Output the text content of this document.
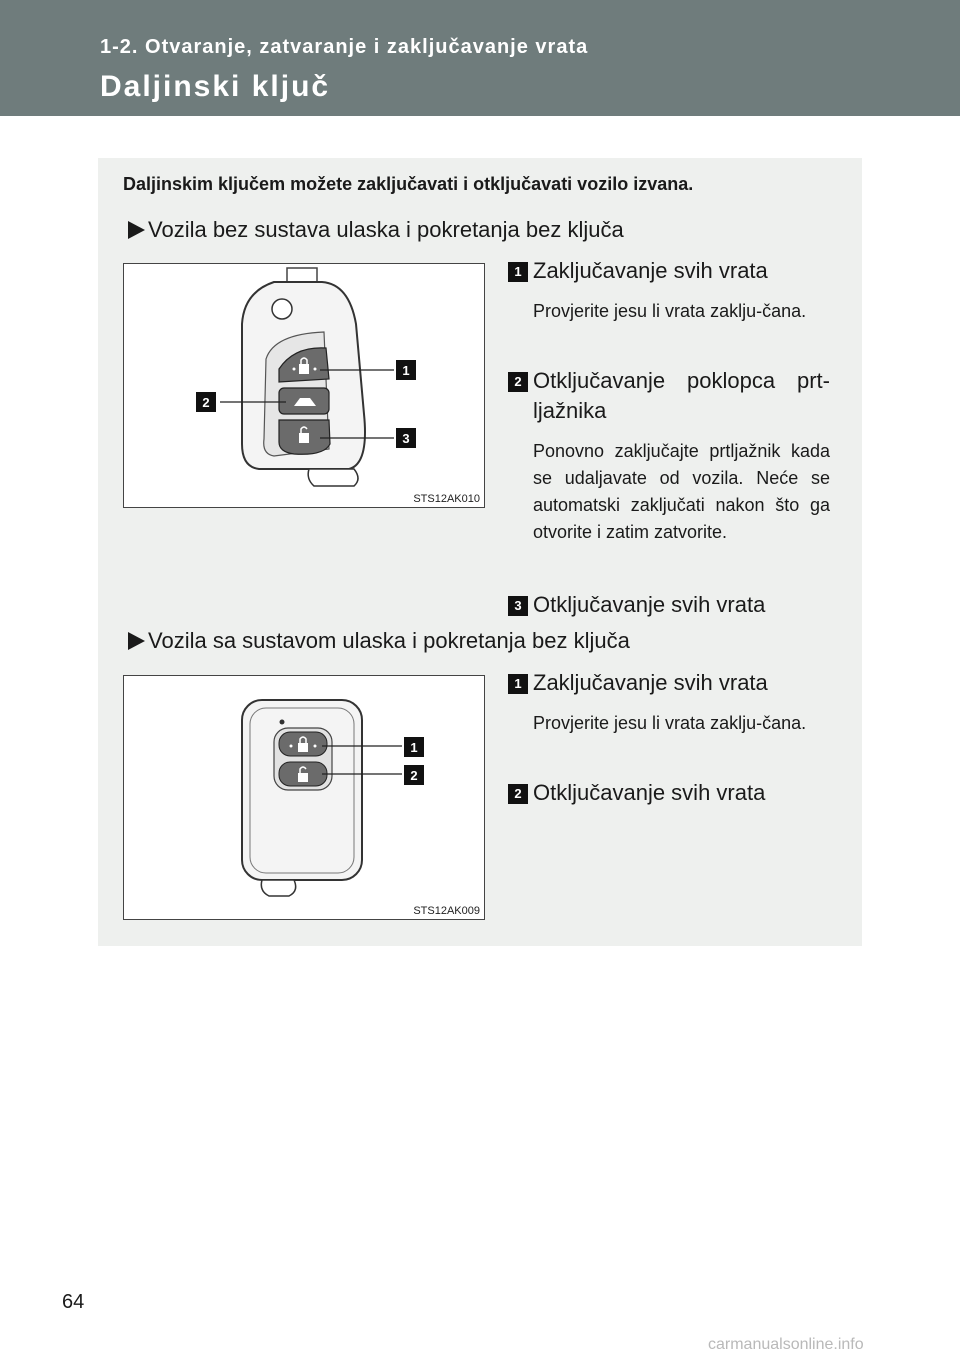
1-2. Otvaranje, zatvaranje i zaključavanje vrata
Daljinski ključ
Daljinskim ključem možete zaključavati i otključavati vozilo izvana.
Vozila bez sustava ulaska i pokretanja bez ključa
1
2
3
STS12AK010
1 Zaključavanje svih vrata
Provjerite jesu li vrata zaklju-čana.
2 Otključavanje poklopca prt-ljažnika
Ponovno zaključajte prtljažnik kada se udaljavate od vozila. Neće se automatski zaključati nakon što ga otvorite i zatim zatvorite.
3 Otključavanje svih vrata
Vozila sa sustavom ulaska i pokretanja bez ključa
1
2
STS12AK009
1 Zaključavanje svih vrata
Provjerite jesu li vrata zaklju-čana.
2 Otključavanje svih vrata
64
carmanualsonline.info
